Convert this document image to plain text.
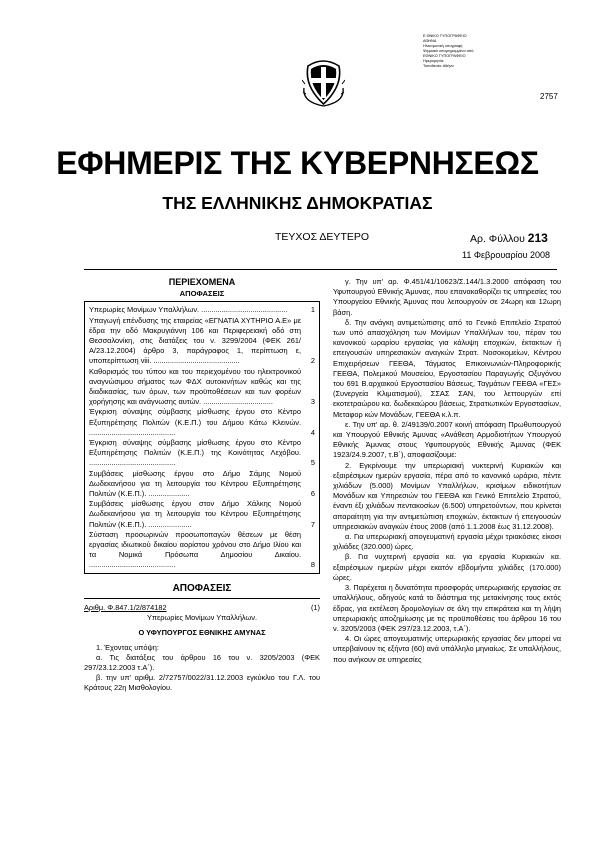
Ε.ΘΝΙΚΟ ΤΥΠΟΓΡΑΦΕΙΟ
ΑΘΗΝΑ
Ηλεκτρονική υπογραφή
Ψηφιακά υπογεγραμμένο από
ΕΘΝΙΚΟ ΤΥΠΟΓΡΑΦΕΙΟ
Ημερομηνία:
Τοποθεσία: Αθήνα
2757
ΕΦΗΜΕΡΙΣ ΤΗΣ ΚΥΒΕΡΝΗΣΕΩΣ
ΤΗΣ ΕΛΛΗΝΙΚΗΣ ΔΗΜΟΚΡΑΤΙΑΣ
ΤΕΥΧΟΣ ΔΕΥΤΕΡΟ	Αρ. Φύλλου 213
11 Φεβρουαρίου 2008
ΠΕΡΙΕΧΟΜΕΝΑ
ΑΠΟΦΑΣΕΙΣ
Υπερωρίες Μονίμων Υπαλλήλων. ..........................................	1
Υπαγωγή επένδυσης της εταιρείας «ΕΓΝΑΤΙΑ ΧΥΤΗΡΙΟ Α.Ε» με έδρα την οδό Μακρυγιάννη 106 και Περιφερειακή οδό στη Θεσσαλονίκη, στις διατάξεις του ν. 3299/2004 (ΦΕΚ 261/Α/23.12.2004) άρθρο 3, παράγραφος 1, περίπτωση ε, υποπερίπτωση viii. ..........................................	2
Καθορισμός του τύπου και του περιεχομένου του ηλεκτρονικού αναγνώσιμου σήματος των ΦΔΧ αυτοκινήτων καθώς και της διαδικασίας, των όρων, των προϋποθέσεων και των φορέων χορήγησης και ανάγνωσης αυτών. ..................................	3
Έγκριση σύναψης σύμβασης μίσθωσης έργου στο Κέντρο Εξυπηρέτησης Πολιτών (Κ.Ε.Π.) του Δήμου Κάτω Κλεινών. ..........................................	4
Έγκριση σύναψης σύμβασης μίσθωσης έργου στο Κέντρο Εξυπηρέτησης Πολιτών (Κ.Ε.Π.) της Κοινότητας Λεχόβου. ..........................................	5
Συμβάσεις μίσθωσης έργου στο Δήμο Σάμης Νομού Δωδεκανήσου για τη λειτουργία του Κέντρου Εξυπηρέτησης Πολιτών (Κ.Ε.Π.). ....................	6
Συμβάσεις μίσθωσης έργου στον Δήμο Χάλκης Νομού Δωδεκανήσου για τη λειτουργία του Κέντρου Εξυπηρέτησης Πολιτών (Κ.Ε.Π.). .....................	7
Σύσταση προσωρινών προσωποπαγών θέσεων με θέση εργασίας ιδιωτικού δικαίου αορίστου χρόνου στο Δήμο Ιλίου και τα Νομικά Πρόσωπα Δημοσίου Δικαίου. ..........................................	8
ΑΠΟΦΑΣΕΙΣ
Αριθμ. Φ.847.1/2/874182	(1)
Υπερωρίες Μονίμων Υπαλλήλων.
Ο ΥΦΥΠΟΥΡΓΟΣ ΕΘΝΙΚΗΣ ΑΜΥΝΑΣ
1. Έχοντας υπόψη:
α. Τις διατάξεις του άρθρου 16 του ν. 3205/2003 (ΦΕΚ 297/23.12.2003 τ.Α΄).
β. την υπ' αριθμ. 2/72757/0022/31.12.2003 εγκύκλιο του Γ.Λ. του Κράτους 22η Μισθολογίου.
γ. Την υπ' αρ. Φ.451/41/10623/Σ.144/1.3.2000 απόφαση του Υφυπουργού Εθνικής Άμυνας, που επανακαθορίζει τις υπηρεσίες του Υπουργείου Εθνικής Άμυνας που λειτουργούν σε 24ωρη και 12ωρη βάση.
δ. Την ανάγκη αντιμετώπισης από το Γενικό Επιτελείο Στρατού των υπό απασχόληση των Μονίμων Υπαλλήλων του, πέραν του κανονικού ωραρίου εργασίας για κάλυψη εποχικών, έκτακτων ή επειγουσών υπηρεσιακών αναγκών Στρατ. Νοσοκομείων, Κέντρου Επιχειρήσεων ΓΕΕΘΑ, Τάγματος Επικοινωνιών-Πληροφορικής ΓΕΕΘΑ, Πολεμικού Μουσείου, Εργοστασίου Παραγωγής Οξυγόνου του 691 Β.αρχαικού Εργοστασίου Βάσεως, Ταγμάτων ΓΕΕΘΑ «ΓΕΣ» (Συνεργεία Κλιματισμού), ΣΣΑΣ ΣΑΝ, του λεττουργών επί εκοτετραώρου κα. δωδεκαώρου βάσεως, Στρατιωτικών Εργοστασίων, Μεταφορ κών Μονάδων, ΓΕΕΘΑ κ.λ.π.
ε. Την υπ' αρ. θ. 2/49139/0.2007 κοινή απόφαση Πρωθυπουργού και Υπουργού Εθνικής Άμυνας «Ανάθεση Αρμοδιοτήτων Υπουργού Εθνικής Άμυνας στους Υφυπουργούς Εθνικής Άμυνας (ΦΕΚ 1923/24.9.2007, τ.Β΄), αποφασίζουμε:
2. Εγκρίνουμε την υπερωριακή νυκτερινή Κυριακών και εξαιρέσιμων ημερών εργασία, πέρα από το κανονικό ωράριο, πέντε χιλιάδων (5.000) Μονίμων Υπαλλήλων, κρισίμων ειδικοτήτων Μονάδων και Υπηρεσιών του ΓΕΕΘΑ και Γενικό Επιτελείο Στρατού, έναντι έξι χιλιάδων πεντακοσίων (6.500) υπηρετούντων, που κρίνεται απαραίτητη για την αντιμετώπιση εποχικών, έκτακτων ή επειγουσών υπηρεσιακών αναγκών έτους 2008 (από 1.1.2008 έως 31.12.2008).
α. Για υπερωριακή απογευματινή εργασία μέχρι τριακόσιες είκοσι χιλιάδες (320.000) ώρες.
β. Για νυχτερινή εργασία κα. για εργασία Κυριακών κα. εξαιρέσιμων ημερών μέχρι εκατόν εβδομήντα χιλιάδες (170.000) ώρες.
3. Παρέχεται η δυνατότητα προσφοράς υπερωριακής εργασίας σε υπαλλήλους, οδηγούς κατά το διάστημα της μετακίνησης τους εκτός έδρας, για εκτέλεση δρομολογίων σε όλη την επικράτεια και τη λήψη υπερωριακής αποζημίωσης με τις προϋποθέσεις του άρθρου 16 του ν. 3205/2003 (ΦΕΚ 297/23.12.2003, τ.Α΄).
4. Οι ώρες απογευματινής υπερωριακής εργασίας δεν μπορεί να υπερβαίνουν τις εξήντα (60) ανά υπάλληλο μηνιαίως. Σε υπαλλήλους, που ανήκουν σε υπηρεσίες
